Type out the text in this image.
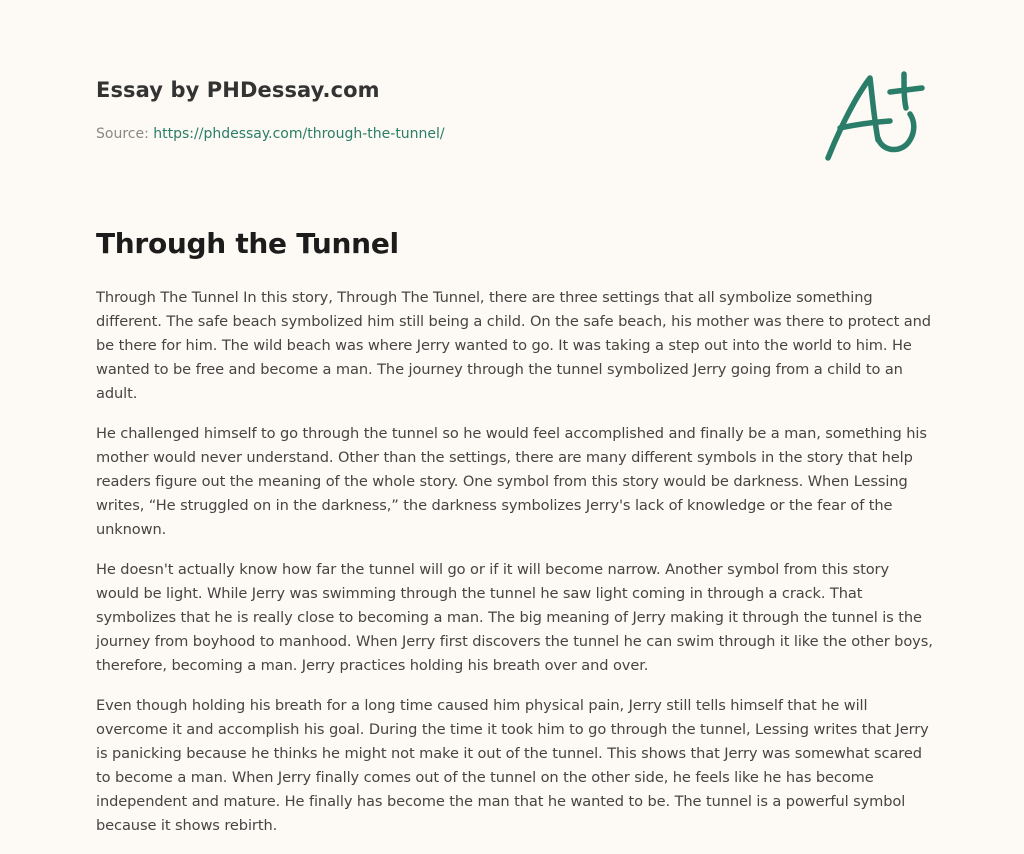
Essay by PHDessay.com
Source: https://phdessay.com/through-the-tunnel/
Through the Tunnel

Through The Tunnel In this story, Through The Tunnel, there are three settings that all symbolize something different. The safe beach symbolized him still being a child. On the safe beach, his mother was there to protect and be there for him. The wild beach was where Jerry wanted to go. It was taking a step out into the world to him. He wanted to be free and become a man. The journey through the tunnel symbolized Jerry going from a child to an adult.

He challenged himself to go through the tunnel so he would feel accomplished and finally be a man, something his mother would never understand. Other than the settings, there are many different symbols in the story that help readers figure out the meaning of the whole story. One symbol from this story would be darkness. When Lessing writes, “He struggled on in the darkness,” the darkness symbolizes Jerry's lack of knowledge or the fear of the unknown.

He doesn't actually know how far the tunnel will go or if it will become narrow. Another symbol from this story would be light. While Jerry was swimming through the tunnel he saw light coming in through a crack. That symbolizes that he is really close to becoming a man. The big meaning of Jerry making it through the tunnel is the journey from boyhood to manhood. When Jerry first discovers the tunnel he can swim through it like the other boys, therefore, becoming a man. Jerry practices holding his breath over and over.

Even though holding his breath for a long time caused him physical pain, Jerry still tells himself that he will overcome it and accomplish his goal. During the time it took him to go through the tunnel, Lessing writes that Jerry is panicking because he thinks he might not make it out of the tunnel. This shows that Jerry was somewhat scared to become a man. When Jerry finally comes out of the tunnel on the other side, he feels like he has become independent and mature. He finally has become the man that he wanted to be. The tunnel is a powerful symbol because it shows rebirth.
